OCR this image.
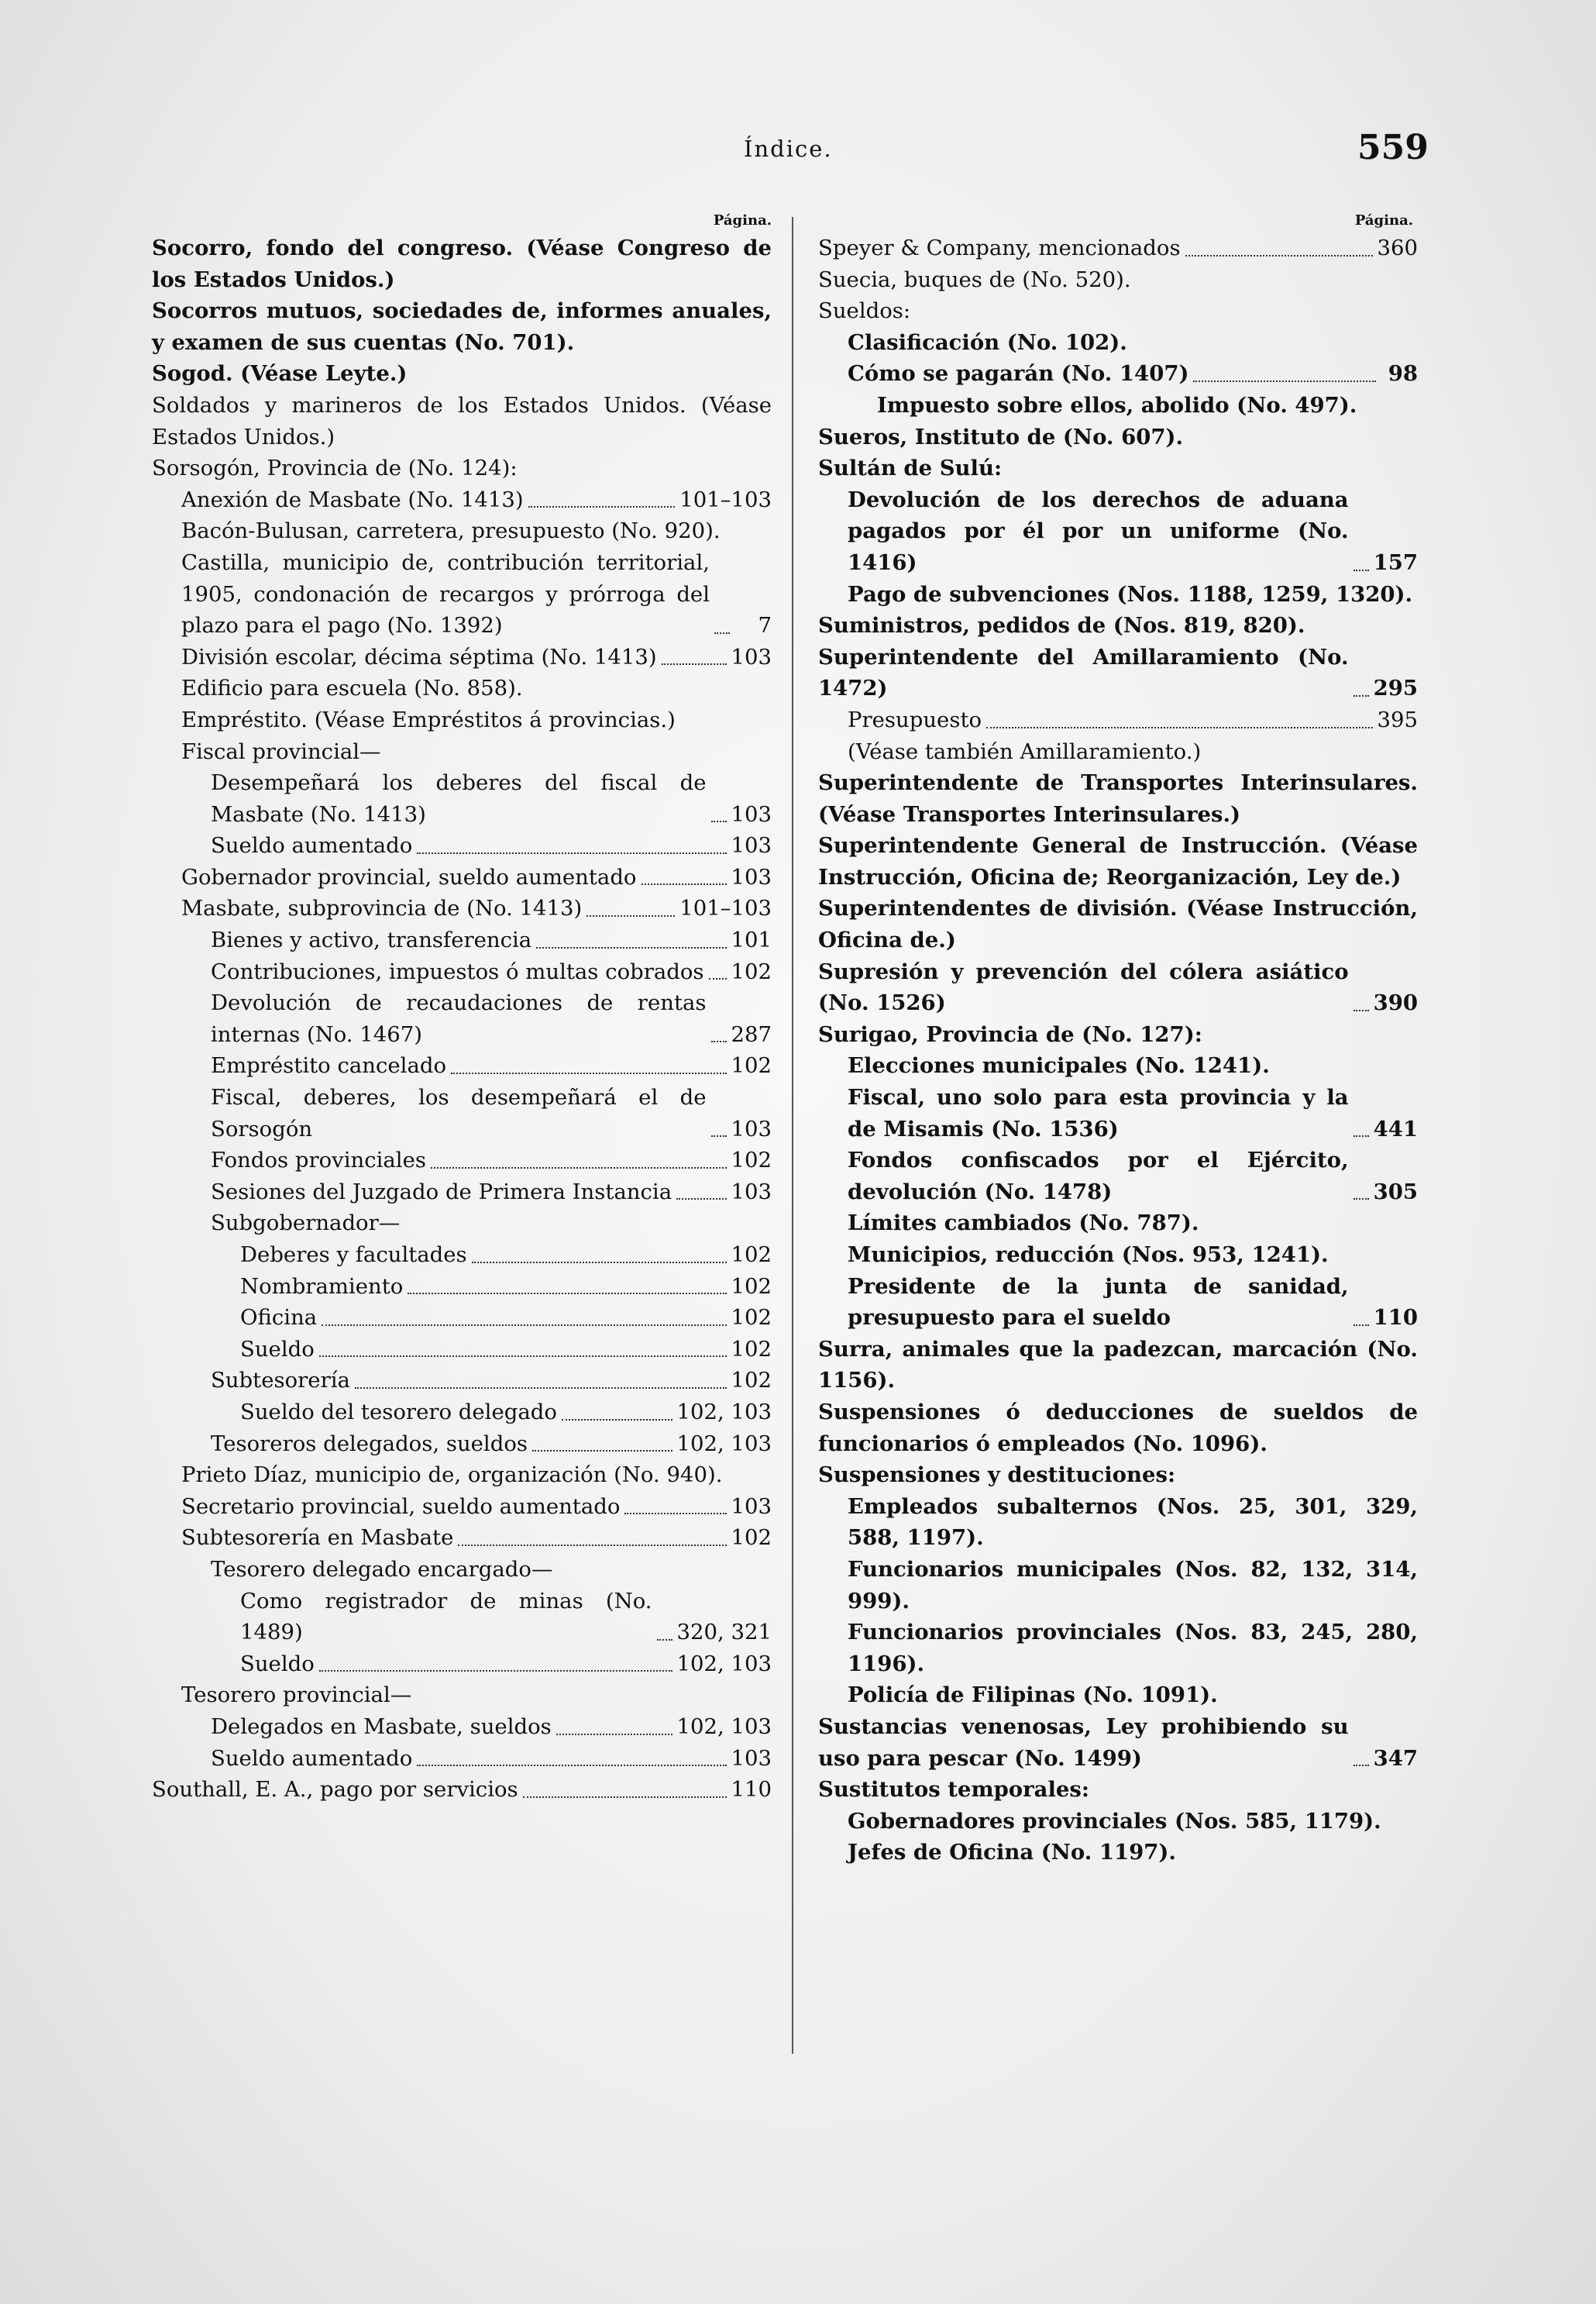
Índice.	559
Página.
Socorro, fondo del congreso. (Véase Congreso de los Estados Unidos.)
Socorros mutuos, sociedades de, informes anuales, y examen de sus cuentas (No. 701).
Sogod. (Véase Leyte.)
Soldados y marineros de los Estados Unidos. (Véase Estados Unidos.)
Sorsogón, Provincia de (No. 124):
Anexión de Masbate (No. 1413)	101–103
Bacón-Bulusan, carretera, presupuesto (No. 920).
Castilla, municipio de, contribución territorial, 1905, condonación de recargos y prórroga del plazo para el pago (No. 1392)	7
División escolar, décima séptima (No. 1413)	103
Edificio para escuela (No. 858).
Empréstito. (Véase Empréstitos á provincias.)
Fiscal provincial—
Desempeñará los deberes del fiscal de Masbate (No. 1413)	103
Sueldo aumentado	103
Gobernador provincial, sueldo aumentado	103
Masbate, subprovincia de (No. 1413)	101–103
Bienes y activo, transferencia	101
Contribuciones, impuestos ó multas cobrados 102
Devolución de recaudaciones de rentas internas (No. 1467)	287
Empréstito cancelado	102
Fiscal, deberes, los desempeñará el de Sorsogón	103
Fondos provinciales	102
Sesiones del Juzgado de Primera Instancia	103
Subgobernador—
Deberes y facultades	102
Nombramiento	102
Oficina	102
Sueldo	102
Subtesorería	102
Sueldo del tesorero delegado	102, 103
Tesoreros delegados, sueldos	102, 103
Prieto Díaz, municipio de, organización (No. 940).
Secretario provincial, sueldo aumentado	103
Subtesorería en Masbate	102
Tesorero delegado encargado—
Como registrador de minas (No. 1489)	320, 321
Sueldo	102, 103
Tesorero provincial—
Delegados en Masbate, sueldos	102, 103
Sueldo aumentado	103
Southall, E. A., pago por servicios	110
Página.
Speyer & Company, mencionados	360
Suecia, buques de (No. 520).
Sueldos:
Clasificación (No. 102).
Cómo se pagarán (No. 1407)	98
Impuesto sobre ellos, abolido (No. 497).
Sueros, Instituto de (No. 607).
Sultán de Sulú:
Devolución de los derechos de aduana pagados por él por un uniforme (No. 1416)	157
Pago de subvenciones (Nos. 1188, 1259, 1320).
Suministros, pedidos de (Nos. 819, 820).
Superintendente del Amillaramiento (No. 1472)	295
Presupuesto	395
(Véase también Amillaramiento.)
Superintendente de Transportes Interinsulares. (Véase Transportes Interinsulares.)
Superintendente General de Instrucción. (Véase Instrucción, Oficina de; Reorganización, Ley de.)
Superintendentes de división. (Véase Instrucción, Oficina de.)
Supresión y prevención del cólera asiático (No. 1526)	390
Surigao, Provincia de (No. 127):
Elecciones municipales (No. 1241).
Fiscal, uno solo para esta provincia y la de Misamis (No. 1536)	441
Fondos confiscados por el Ejército, devolución (No. 1478)	305
Límites cambiados (No. 787).
Municipios, reducción (Nos. 953, 1241).
Presidente de la junta de sanidad, presupuesto para el sueldo	110
Surra, animales que la padezcan, marcación (No. 1156).
Suspensiones ó deducciones de sueldos de funcionarios ó empleados (No. 1096).
Suspensiones y destituciones:
Empleados subalternos (Nos. 25, 301, 329, 588, 1197).
Funcionarios municipales (Nos. 82, 132, 314, 999).
Funcionarios provinciales (Nos. 83, 245, 280, 1196).
Policía de Filipinas (No. 1091).
Sustancias venenosas, Ley prohibiendo su uso para pescar (No. 1499)	347
Sustitutos temporales:
Gobernadores provinciales (Nos. 585, 1179).
Jefes de Oficina (No. 1197).
